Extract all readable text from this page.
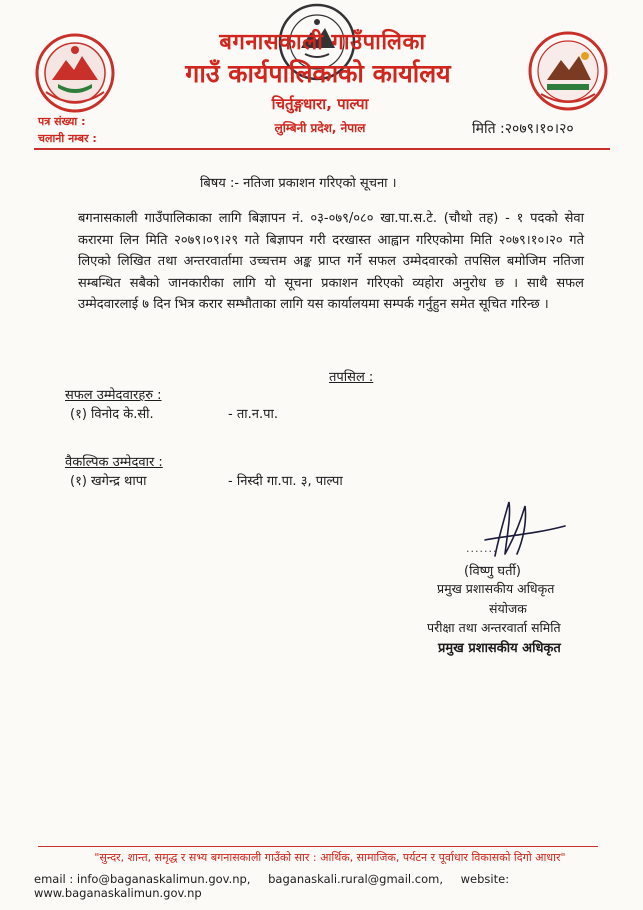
बगनासकाली गाउँपालिका
गाउँ कार्यपालिकाको कार्यालय
चिर्तुङ्गधारा, पाल्पा
लुम्बिनी प्रदेश, नेपाल
पत्र संख्या :
चलानी नम्बर :
मिति :२०७९।१०।२०
बिषय :- नतिजा प्रकाशन गरिएको सूचना ।
बगनासकाली गाउँपालिकाका लागि बिज्ञापन नं. ०३-०७९/०८० खा.पा.स.टे. (चौथो तह) - १ पदको सेवा करारमा लिन मिति २०७९।०९।२९ गते बिज्ञापन गरी दरखास्त आह्वान गरिएकोमा मिति २०७९।१०।२० गते लिएको लिखित तथा अन्तरवार्तामा उच्चत्तम अङ्क प्राप्त गर्ने सफल उम्मेदवारको तपसिल बमोजिम नतिजा सम्बन्धित सबैको जानकारीका लागि यो सूचना प्रकाशन गरिएको व्यहोरा अनुरोध छ । साथै सफल उम्मेदवारलाई ७ दिन भित्र करार सम्भौताका लागि यस कार्यालयमा सम्पर्क गर्नुहुन समेत सूचित गरिन्छ ।
तपसिल :
सफल उम्मेदवारहरु :
(१) विनोद के.सी.	- ता.न.पा.
वैकल्पिक उम्मेदवार :
(१) खगेन्द्र थापा	- निस्दी गा.पा. ३, पाल्पा
.......
(विष्णु घर्ती)
प्रमुख प्रशासकीय अधिकृत
संयोजक
परीक्षा तथा अन्तरवार्ता समिति
प्रमुख प्रशासकीय अधिकृत
"सुन्दर, शान्त, समृद्ध र सभ्य बगनासकाली गाउँको सार : आर्थिक, सामाजिक, पर्यटन र पूर्वाधार विकासको दिगो आधार"
email : info@baganaskalimun.gov.np, baganaskali.rural@gmail.com, website: www.baganaskalimun.gov.np
